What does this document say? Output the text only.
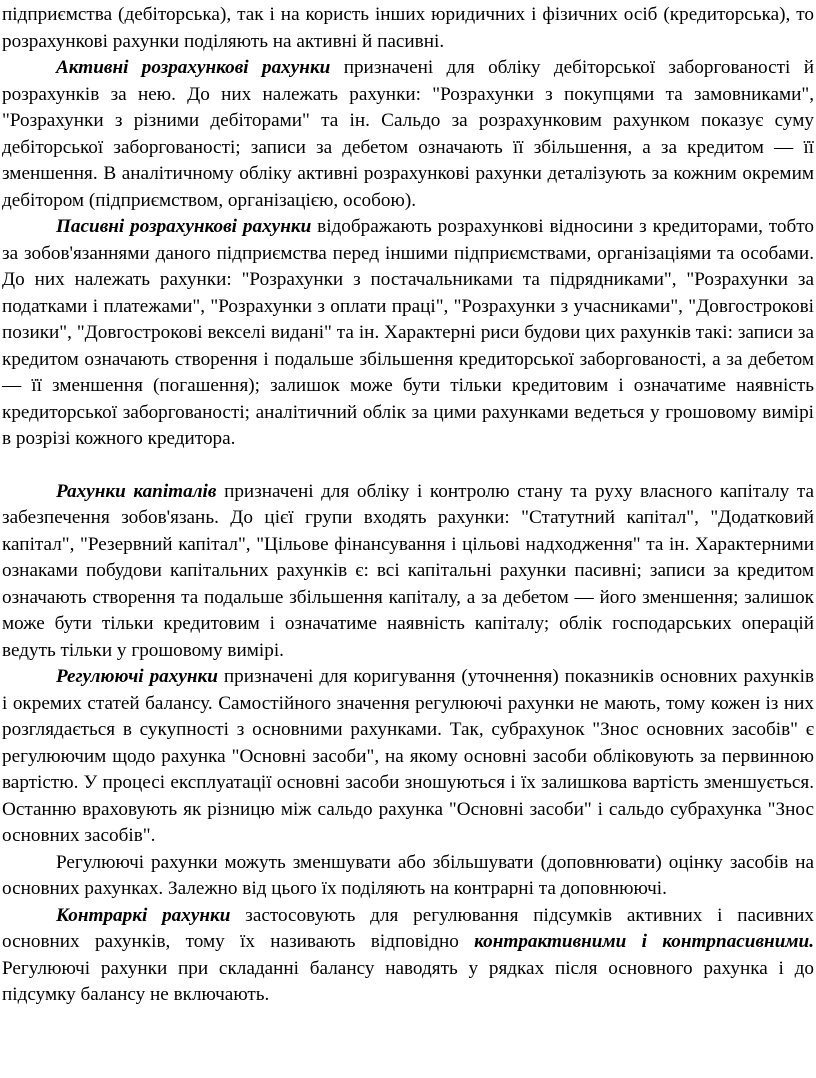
підприємства (дебіторська), так і на користь інших юридичних і фізичних осіб (кредиторська), то розрахункові рахунки поділяють на активні й пасивні.

Активні розрахункові рахунки призначені для обліку дебіторської заборгованості й розрахунків за нею. До них належать рахунки: "Розрахунки з покупцями та замовниками", "Розрахунки з різними дебіторами" та ін. Сальдо за розрахунковим рахунком показує суму дебіторської заборгованості; записи за дебетом означають її збільшення, а за кредитом — її зменшення. В аналітичному обліку активні розрахункові рахунки деталізують за кожним окремим дебітором (підприємством, організацією, особою).

Пасивні розрахункові рахунки відображають розрахункові відносини з кредиторами, тобто за зобов'язаннями даного підприємства перед іншими підприємствами, організаціями та особами. До них належать рахунки: "Розрахунки з постачальниками та підрядниками", "Розрахунки за податками і платежами", "Розрахунки з оплати праці", "Розрахунки з учасниками", "Довгострокові позики", "Довгострокові векселі видані" та ін. Характерні риси будови цих рахунків такі: записи за кредитом означають створення і подальше збільшення кредиторської заборгованості, а за дебетом — її зменшення (погашення); залишок може бути тільки кредитовим і означатиме наявність кредиторської заборгованості; аналітичний облік за цими рахунками ведеться у грошовому вимірі в розрізі кожного кредитора.

Рахунки капіталів призначені для обліку і контролю стану та руху власного капіталу та забезпечення зобов'язань. До цієї групи входять рахунки: "Статутний капітал", "Додатковий капітал", "Резервний капітал", "Цільове фінансування і цільові надходження" та ін. Характерними ознаками побудови капітальних рахунків є: всі капітальні рахунки пасивні; записи за кредитом означають створення та подальше збільшення капіталу, а за дебетом — його зменшення; залишок може бути тільки кредитовим і означатиме наявність капіталу; облік господарських операцій ведуть тільки у грошовому вимірі.

Регулюючі рахунки призначені для коригування (уточнення) показників основних рахунків і окремих статей балансу. Самостійного значення регулюючі рахунки не мають, тому кожен із них розглядається в сукупності з основними рахунками. Так, субрахунок "Знос основних засобів" є регулюючим щодо рахунка "Основні засоби", на якому основні засоби обліковують за первинною вартістю. У процесі експлуатації основні засоби зношуються і їх залишкова вартість зменшується. Останню враховують як різницю між сальдо рахунка "Основні засоби" і сальдо субрахунка "Знос основних засобів".

Регулюючі рахунки можуть зменшувати або збільшувати (доповнювати) оцінку засобів на основних рахунках. Залежно від цього їх поділяють на контрарні та доповнюючі.

Контраркі рахунки застосовують для регулювання підсумків активних і пасивних основних рахунків, тому їх називають відповідно контрактивними і контрпасивними. Регулюючі рахунки при складанні балансу наводять у рядках після основного рахунка і до підсумку балансу не включають.
